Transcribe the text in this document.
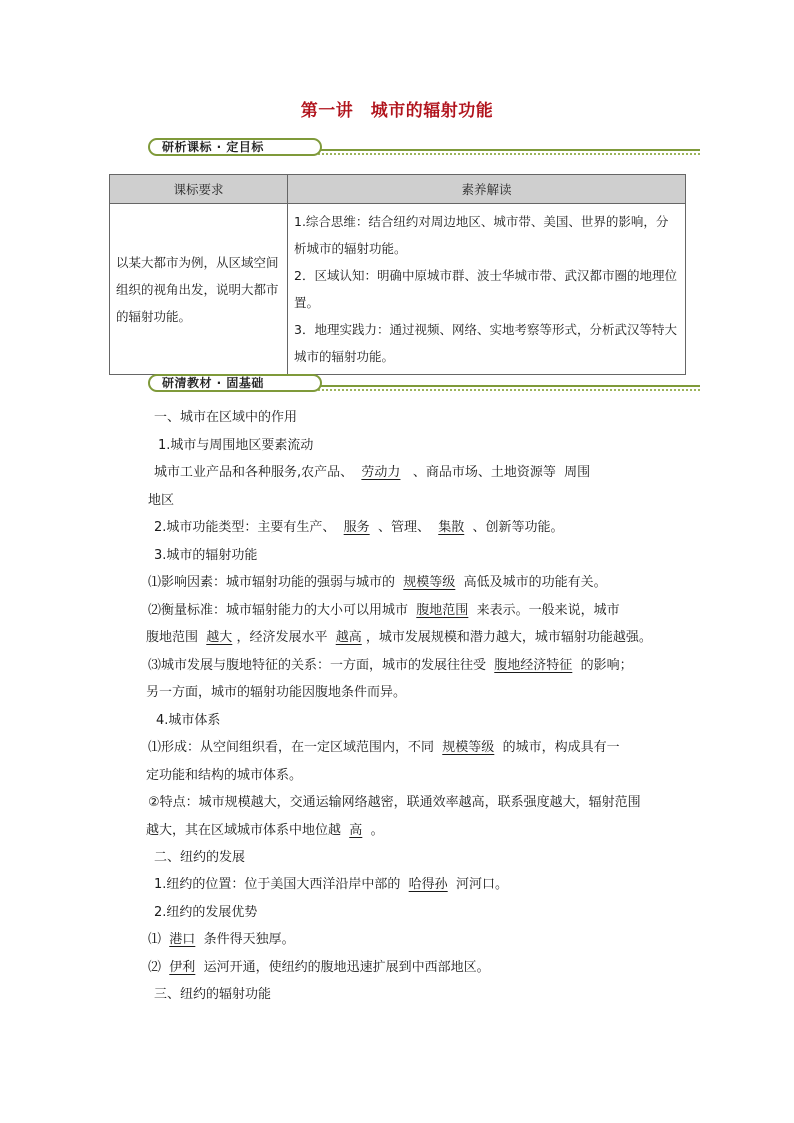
第一讲　城市的辐射功能
研析课标 · 定目标
课标要求	素养解读
以某大都市为例，从区域空间组织的视角出发，说明大都市的辐射功能。	1.综合思维：结合纽约对周边地区、城市带、美国、世界的影响，分析城市的辐射功能。
2．区域认知：明确中原城市群、波士华城市带、武汉都市圈的地理位置。
3．地理实践力：通过视频、网络、实地考察等形式，分析武汉等特大城市的辐射功能。
研清教材 · 固基础
一、城市在区域中的作用
1.城市与周围地区要素流动
城市工业产品和各种服务,农产品、 劳动力 、商品市场、土地资源等  周围
地区
2.城市功能类型：主要有生产、 服务 、管理、 集散 、创新等功能。
3.城市的辐射功能
⑴影响因素：城市辐射功能的强弱与城市的 规模等级 高低及城市的功能有关。
⑵衡量标准：城市辐射能力的大小可以用城市 腹地范围 来表示。一般来说，城市
腹地范围 越大 ，经济发展水平 越高 ，城市发展规模和潜力越大，城市辐射功能越强。
⑶城市发展与腹地特征的关系：一方面，城市的发展往往受 腹地经济特征 的影响；
另一方面，城市的辐射功能因腹地条件而异。
4.城市体系
⑴形成：从空间组织看，在一定区域范围内，不同 规模等级 的城市，构成具有一
定功能和结构的城市体系。
②特点：城市规模越大，交通运输网络越密，联通效率越高，联系强度越大，辐射范围
越大，其在区域城市体系中地位越 高 。
二、纽约的发展
1.纽约的位置：位于美国大西洋沿岸中部的 哈得孙 河河口。
2.纽约的发展优势
⑴ 港口 条件得天独厚。
⑵ 伊利 运河开通，使纽约的腹地迅速扩展到中西部地区。
三、纽约的辐射功能
